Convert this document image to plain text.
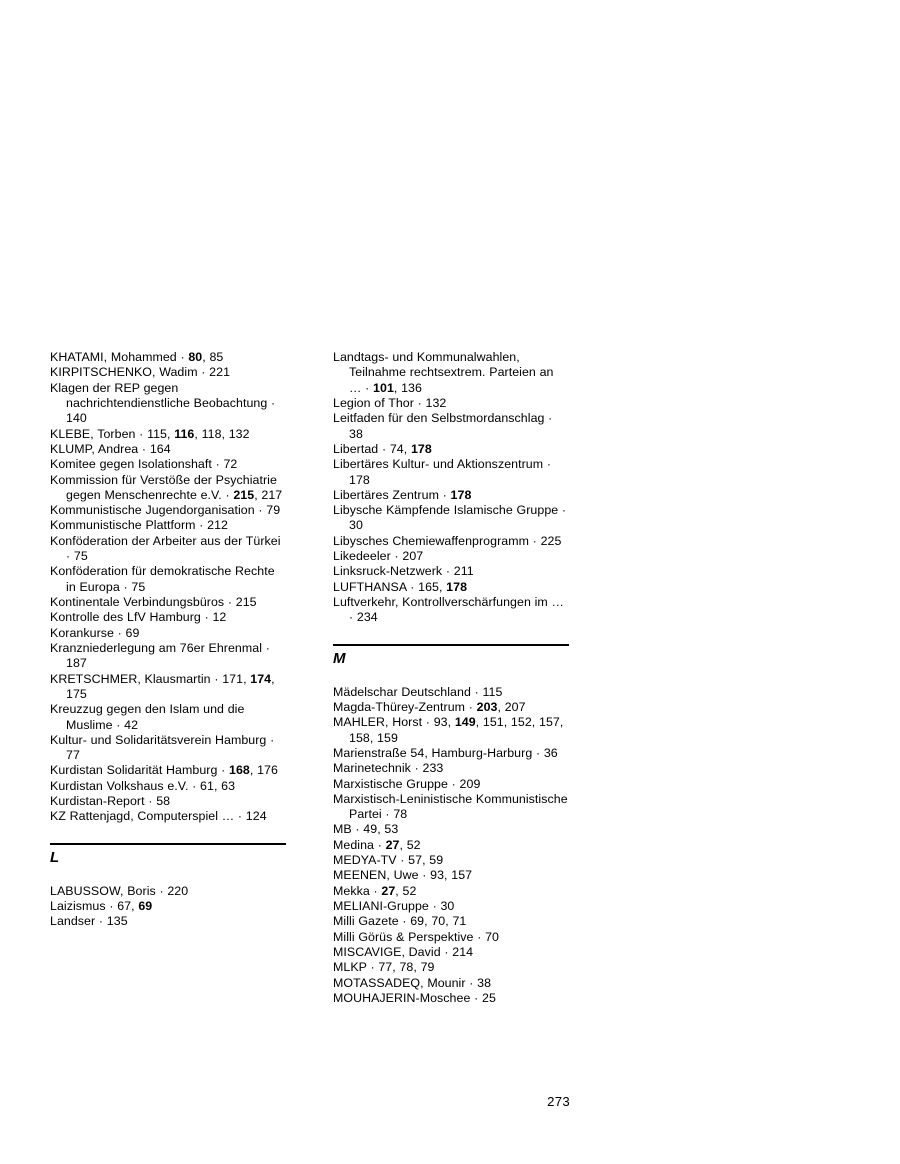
KHATAMI, Mohammed · 80, 85
KIRPITSCHENKO, Wadim · 221
Klagen der REP gegen nachrichtendienstliche Beobachtung · 140
KLEBE, Torben · 115, 116, 118, 132
KLUMP, Andrea · 164
Komitee gegen Isolationshaft · 72
Kommission für Verstöße der Psychiatrie gegen Menschenrechte e.V. · 215, 217
Kommunistische Jugendorganisation · 79
Kommunistische Plattform · 212
Konföderation der Arbeiter aus der Türkei · 75
Konföderation für demokratische Rechte in Europa · 75
Kontinentale Verbindungsbüros · 215
Kontrolle des LfV Hamburg · 12
Korankurse · 69
Kranzniederlegung am 76er Ehrenmal · 187
KRETSCHMER, Klausmartin · 171, 174, 175
Kreuzzug gegen den Islam und die Muslime · 42
Kultur- und Solidaritätsverein Hamburg · 77
Kurdistan Solidarität Hamburg · 168, 176
Kurdistan Volkshaus e.V. · 61, 63
Kurdistan-Report · 58
KZ Rattenjagd, Computerspiel … · 124
L
LABUSSOW, Boris · 220
Laizismus · 67, 69
Landser · 135
Landtags- und Kommunalwahlen, Teilnahme rechtsextrem. Parteien an … · 101, 136
Legion of Thor · 132
Leitfaden für den Selbstmordanschlag · 38
Libertad · 74, 178
Libertäres Kultur- und Aktionszentrum · 178
Libertäres Zentrum · 178
Libysche Kämpfende Islamische Gruppe · 30
Libysches Chemiewaffenprogramm · 225
Likedeeler · 207
Linksruck-Netzwerk · 211
LUFTHANSA · 165, 178
Luftverkehr, Kontrollverschärfungen im … · 234
M
Mädelschar Deutschland · 115
Magda-Thürey-Zentrum · 203, 207
MAHLER, Horst · 93, 149, 151, 152, 157, 158, 159
Marienstraße 54, Hamburg-Harburg · 36
Marinetechnik · 233
Marxistische Gruppe · 209
Marxistisch-Leninistische Kommunistische Partei · 78
MB · 49, 53
Medina · 27, 52
MEDYA-TV · 57, 59
MEENEN, Uwe · 93, 157
Mekka · 27, 52
MELIANI-Gruppe · 30
Milli Gazete · 69, 70, 71
Milli Görüs & Perspektive · 70
MISCAVIGE, David · 214
MLKP · 77, 78, 79
MOTASSADEQ, Mounir · 38
MOUHAJERIN-Moschee · 25
273
